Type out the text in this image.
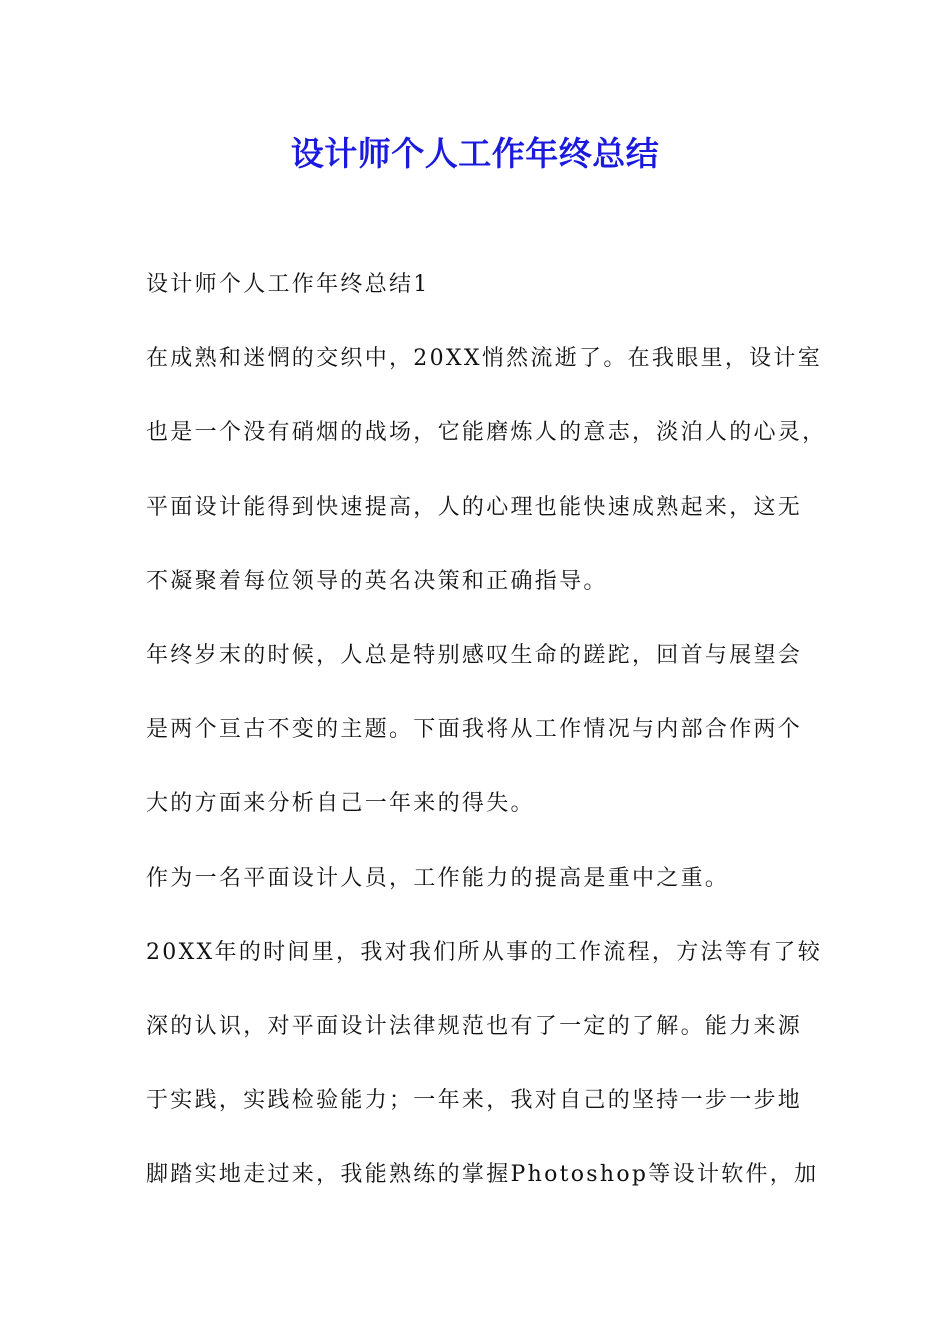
设计师个人工作年终总结
设计师个人工作年终总结1
在成熟和迷惘的交织中，20XX悄然流逝了。在我眼里，设计室
也是一个没有硝烟的战场，它能磨炼人的意志，淡泊人的心灵，
平面设计能得到快速提高，人的心理也能快速成熟起来，这无
不凝聚着每位领导的英名决策和正确指导。
年终岁末的时候，人总是特别感叹生命的蹉跎，回首与展望会
是两个亘古不变的主题。下面我将从工作情况与内部合作两个
大的方面来分析自己一年来的得失。
作为一名平面设计人员，工作能力的提高是重中之重。
20XX年的时间里，我对我们所从事的工作流程，方法等有了较
深的认识，对平面设计法律规范也有了一定的了解。能力来源
于实践，实践检验能力；一年来，我对自己的坚持一步一步地
脚踏实地走过来，我能熟练的掌握Photoshop等设计软件，加
